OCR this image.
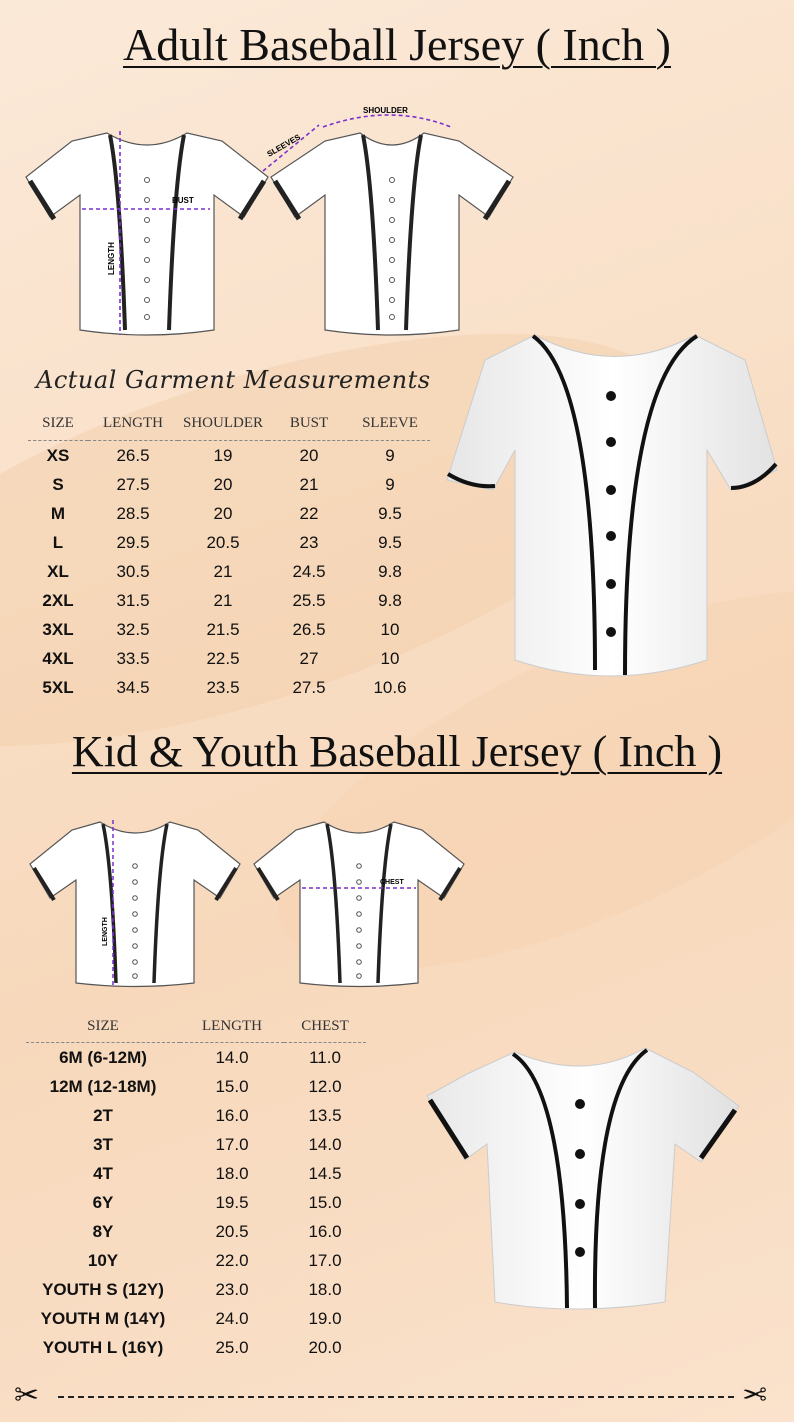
Adult Baseball Jersey ( Inch )
BUST
LENGTH
SHOULDER
SLEEVES
Actual Garment Measurements
SIZE	LENGTH	SHOULDER	BUST	SLEEVE
XS	26.5	19	20	9
S	27.5	20	21	9
M	28.5	20	22	9.5
L	29.5	20.5	23	9.5
XL	30.5	21	24.5	9.8
2XL	31.5	21	25.5	9.8
3XL	32.5	21.5	26.5	10
4XL	33.5	22.5	27	10
5XL	34.5	23.5	27.5	10.6
Kid & Youth Baseball Jersey ( Inch )
LENGTH
CHEST
SIZE	LENGTH	CHEST
6M (6-12M)	14.0	11.0
12M (12-18M)	15.0	12.0
2T	16.0	13.5
3T	17.0	14.0
4T	18.0	14.5
6Y	19.5	15.0
8Y	20.5	16.0
10Y	22.0	17.0
YOUTH S (12Y)	23.0	18.0
YOUTH M (14Y)	24.0	19.0
YOUTH L (16Y)	25.0	20.0
✂	✂
